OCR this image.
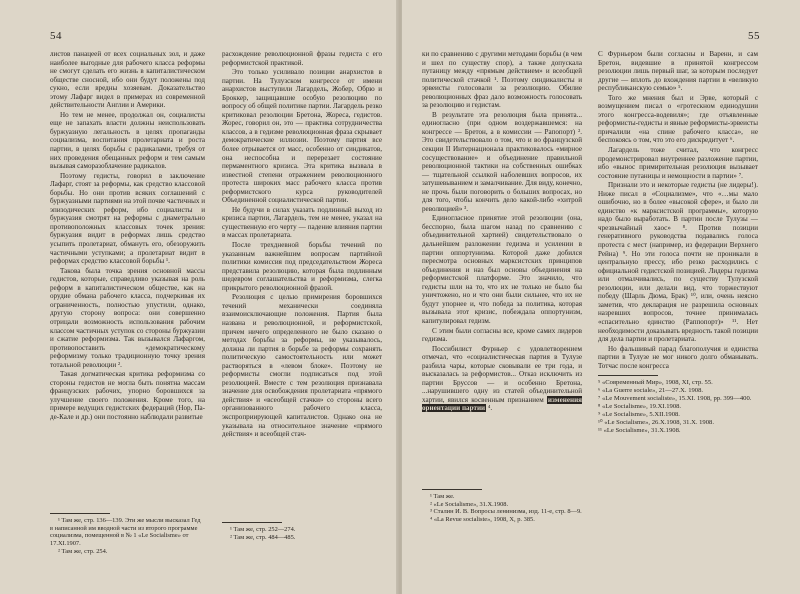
54

листов панацеей от всех социальных зол, и даже наиболее выгодные для рабочего класса реформы не смогут сделать его жизнь в капиталистическом обществе сносной, ибо они будут положены под сукно, если вредны хозяевам. Доказательство этому Лафарг видел в примерах из современной действительности Англии и Америки.

Но тем не менее, продолжал он, социалисты еще не запахать власти должны неиспользовать буржуазную легальность в целях пропаганды социализма, воспитания пролетариата и роста партии, в целях борьбы с радикалами, требуя от них проведения обещанных реформ и тем самым вызывая саморазоблачение радикалов.

Поэтому гедисты, говорил в заключение Лафарг, стоят за реформы, как средство классовой борьбы. Но они против всяких соглашений с буржуазными партиями на этой почве частичных и эпизодических реформ, ибо социалисты и буржуазия смотрят на реформы с диаметрально противоположных классовых точек зрения: буржуазия видит в реформах лишь средство усыпить пролетариат, обмануть его, обезоружить частичными уступками; а пролетариат видит в реформах средство классовой борьбы ¹.

Такова была точка зрения основной массы гедистов, которые, справедливо указывая на роль реформ в капиталистическом обществе, как на орудие обмана рабочего класса, подчеркивая их ограниченность, полностью упустили, однако, другую сторону вопроса: они совершенно отрицали возможность использования рабочим классом частичных уступок со стороны буржуазии и сжатие реформизма. Так вызывался Лафаргом, противопоставить «демократическому реформизму только традиционную точку зрения тотальной революции ².

Такая догматическая критика реформизма со стороны гедистов не могла быть понятна массам французских рабочих, упорно боровшихся за улучшение своего положения. Кроме того, на примере ведущих гедистских федераций (Нор, Па-де-Кале и др.) они постоянно наблюдали развитые

¹ Там же, стр. 136—139. Эти же мысли высказал Гед в написанной им вводной части из второго программе социализма, помещенной в № 1 «Le Socialisme» от 17.XI.1907.

² Там же, стр. 254.

расхождение революционной фразы гедиста с его реформистской практикой.

Это только усиливало позиции анархистов в партии. На Тулузском конгрессе от имени анархистов выступили Лагардель, Жобер, Обрю и Броккер, защищавшие особую резолюцию по вопросу об общей политике партии. Лагардель резко критиковал резолюции Бретона, Жореса, гедистов. Жорес, говорил он, это — практика сотрудничества классов, а в гедизме революционная фраза скрывает демократические иллюзии. Поэтому партия все более отрывается от масс, особенно от синдикатов, она неспособна и перерезает состояние пермаментного кризиса. Эта критика вызвала в известной степени отражением революционного протеста широких масс рабочего класса против реформистского курса руководителей Объединенной социалистической партии.

Не будучи в силах указать подлинный выход из кризиса партии, Лагардель, тем не менее, указал на существенную его черту — падение влияния партии в массах пролетариата.

После трехдневной борьбы течений по указанным важнейшим вопросам партийной политики комиссия под председательством Жореса представила резолюцию, которая была подлинным шедевром соглашательства и реформизма, слегка прикрытого революционной фразой.

Резолюция с целью примирения боровшихся течений механически соединяла взаимоисключающие положения. Партия была названа и революционной, и реформистской, причем ничего определенного не было сказано о методах борьбы за реформы, не указывалось, должна ли партия в борьбе за реформы сохранять политическую самостоятельность или может растворяться в «левом блоке». Поэтому не реформисты смогли подписаться под этой резолюцией. Вместе с тем резолюция признавала значение для освобождения пролетариата «прямого действия» и «всеобщей стачки» со стороны всего организованного рабочего класса, экспроприирующей капиталистов. Однако она не указывала на относительное значение «прямого действия» и всеобщей стач-

¹ Там же, стр. 252—274.

² Там же, стр. 484—485.

55

ки по сравнению с другими методами борьбы (в чем и шел по существу спор), а также допускала путаницу между «прямым действием» и всеобщей политической стачкой ¹. Поэтому синдикалисты и эрвеисты голосовали за резолюцию. Обилие революционных фраз дало возможность голосовать за резолюцию и гедистам.

В результате эта резолюция была принята... единогласно (при одном воздержавшемся: на конгрессе — Бретон, а в комиссии — Рапопорт) ². Это свидетельствовало о том, что и во французской секции II Интернационала практиковалось «мирное сосуществование» и объединение правильной революционной тактики на собственных ошибках — тщательной ссылкой наболевших вопросов, их затушевыванием и замалчивание. Для виду, конечно, не прочь были поговорить о больших вопросах, но для того, чтобы кончить дело какой-либо «хитрой революцией» ³.

Единогласное принятие этой резолюции (она, бесспорно, была шагом назад по сравнению с объединительной хартией) свидетельствовало о дальнейшем разложении гедизма и усилении в партии оппортунизма. Которой даже добился пересмотра основных марксистских принципов объединения и наз был основы объединения на реформистской платформе. Это значило, что гедисты шли на то, что их не только не было бы уничтожено, но и что они были сильнее, что их не будут упорнее и, что победа за политика, которая вызывала этот кризис, побеждала оппортунизм, капитулировал гедизм.

С этим были согласны все, кроме самих лидеров гедизма.

Поссибилист Фурньер с удовлетворением отмечал, что «социалистическая партия в Тулузе разбила чары, которые сковывали ее три года, и высказалась за реформистов... Отказ исключить из партии Бруссов — и особенно Бретона, ...нарушившего одну из статей объединительной хартии, явился косвенным признанием изменения ориентации партии ⁴.

¹ Там же.

² «Le Socialisme», 31.X.1908.

³ Сталин И. В. Вопросы ленинизма, изд. 11-е, стр. 8—9.

⁴ «La Revue socialiste», 1908, X, р. 385.

С Фурньером были согласны и Варенн, и сам Бретон, видевшие в принятой конгрессом резолюции лишь первый шаг, за которым последует другие — вплоть до вхождения партии в «великую республиканскую семью» ⁵.

Того же мнения был и Эрве, который с возмущением писал о «гротескном единодушии этого конгресса-водевиля»; где отъявленные реформисты-гедисты и явные реформисты-эрвеисты причалили «на спине рабочего класса», не беспокоясь о том, что это его дискредитует ⁶.

Лагардель тоже считал, что конгресс продемонстрировал внутреннее разложение партии, ибо «вынос примирительная резолюция вызывает состояние путаницы и немощности в партии» ⁷.

Признали это и некоторые гедисты (не лидеры!). Ниже писал в «Социализме», что «…мы мало ошибочно, но в более «высокой сфере», и было ли единство «к марксистской программы», которую надо было выработать. В партии после Тулузы — чрезвычайный хаос» ⁸. Против позиции генеративного руководства подавались голоса протеста с мест (например, из федерации Верхнего Рейна) ⁹. Но эти голоса почти не проникали в центральную прессу, ибо резко расходились с официальной гедистской позицией. Лидеры гедизма или отмалчивались, по существу Тулузской резолюции, или делали вид, что торжествуют победу (Шарль Дюма, Брак) ¹⁰, или, очень неясно заметив, что декларация не разрешила основных назревших вопросов, точнее принималась «спасительно единство (Раппопорт)» ¹¹. Нет необходимости доказывать вредность такой позиции для дела партии и пролетариата.

Но фальшивый парад благополучия и единства партии в Тулузе не мог никого долго обманывать. Тотчас после конгресса

⁵ «Современный Мир», 1908, XI, стр. 55.

⁶ «La Guerre sociale», 21—27.X. 1908.

⁷ «Le Mouvement socialiste», 15.XI. 1908, рр. 399—400.

⁸ «Le Socialisme», 19.XI.1908.

⁹ «Le Socialisme», 5.XII.1908.

¹⁰ «Le Socialisme», 26.X.1908, 31.X. 1908.

¹¹ «Le Socialisme», 31.X.1908.
